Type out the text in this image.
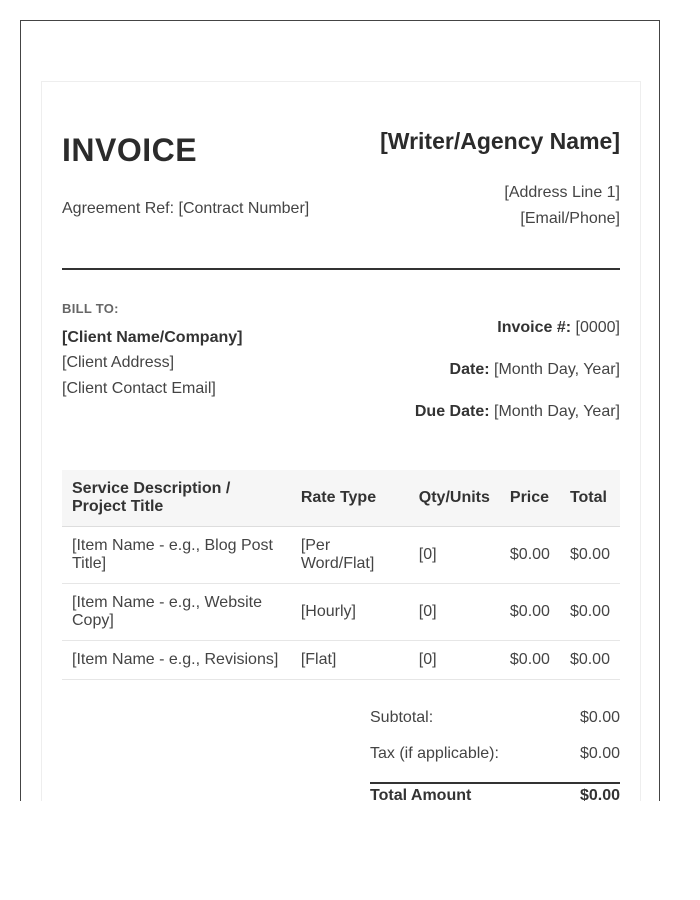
INVOICE	[Writer/Agency Name]
Agreement Ref: [Contract Number]
[Address Line 1]
[Email/Phone]
BILL TO:
[Client Name/Company]
[Client Address]
[Client Contact Email]
Invoice #: [0000]
Date: [Month Day, Year]
Due Date: [Month Day, Year]
Service Description / Project Title	Rate Type	Qty/Units	Price	Total
[Item Name - e.g., Blog Post Title]	[Per Word/Flat]	[0]	$0.00	$0.00
[Item Name - e.g., Website Copy]	[Hourly]	[0]	$0.00	$0.00
[Item Name - e.g., Revisions]	[Flat]	[0]	$0.00	$0.00
Subtotal:	$0.00
Tax (if applicable):	$0.00
Total Amount	$0.00
